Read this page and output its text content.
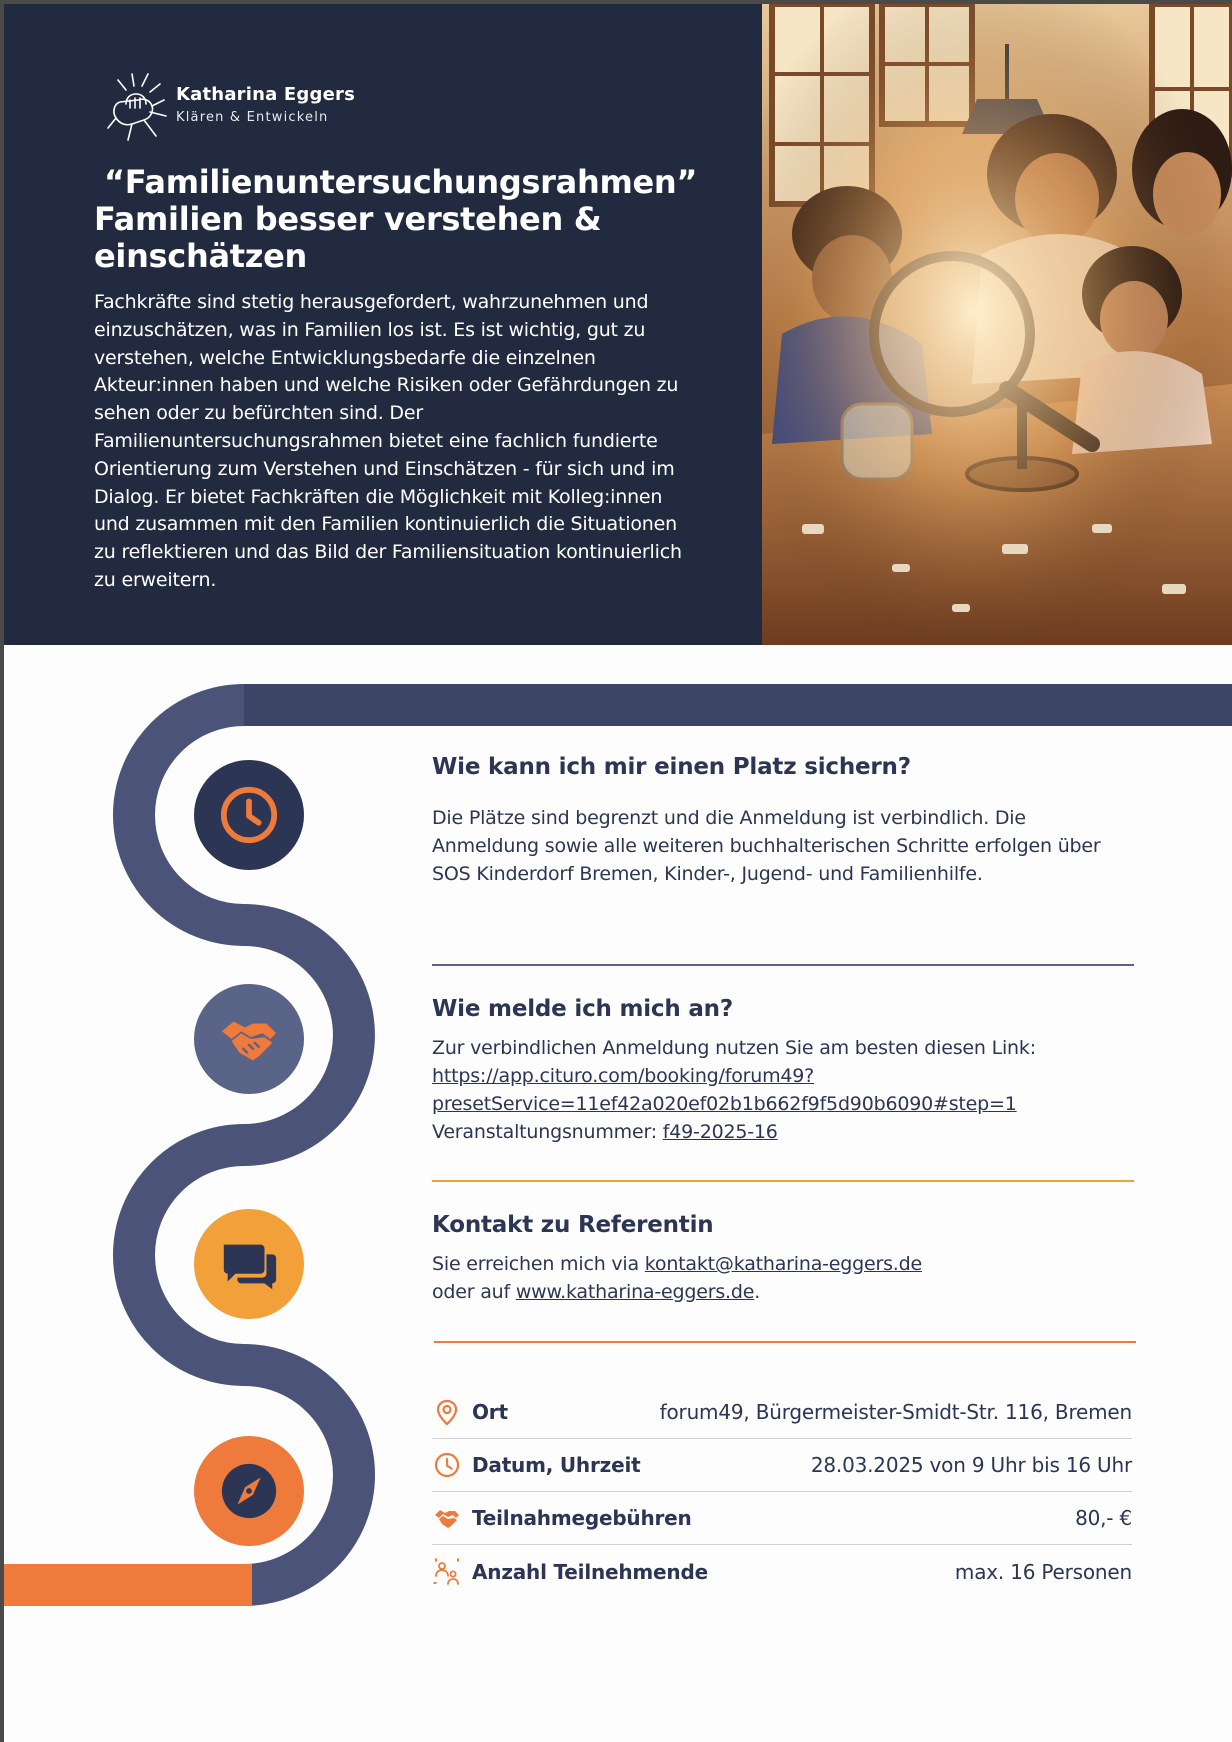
Katharina Eggers
Klären & Entwickeln
“Familienuntersuchungsrahmen”
Familien besser verstehen & einschätzen
Fachkräfte sind stetig herausgefordert, wahrzunehmen und einzuschätzen, was in Familien los ist. Es ist wichtig, gut zu verstehen, welche Entwicklungsbedarfe die einzelnen Akteur:innen haben und welche Risiken oder Gefährdungen zu sehen oder zu befürchten sind. Der Familienuntersuchungsrahmen bietet eine fachlich fundierte Orientierung zum Verstehen und Einschätzen - für sich und im Dialog. Er bietet Fachkräften die Möglichkeit mit Kolleg:innen und zusammen mit den Familien kontinuierlich die Situationen zu reflektieren und das Bild der Familiensituation kontinuierlich zu erweitern.
Wie kann ich mir einen Platz sichern?
Die Plätze sind begrenzt und die Anmeldung ist verbindlich. Die Anmeldung sowie alle weiteren buchhalterischen Schritte erfolgen über SOS Kinderdorf Bremen, Kinder-, Jugend- und Familienhilfe.
Wie melde ich mich an?
Zur verbindlichen Anmeldung nutzen Sie am besten diesen Link:
https://app.cituro.com/booking/forum49?
presetService=11ef42a020ef02b1b662f9f5d90b6090#step=1
Veranstaltungsnummer: f49-2025-16
Kontakt zu Referentin
Sie erreichen mich via kontakt@katharina-eggers.de
oder auf www.katharina-eggers.de.
Ort	forum49, Bürgermeister-Smidt-Str. 116, Bremen
Datum, Uhrzeit	28.03.2025 von 9 Uhr bis 16 Uhr
Teilnahmegebühren	80,- €
Anzahl Teilnehmende	max. 16 Personen
